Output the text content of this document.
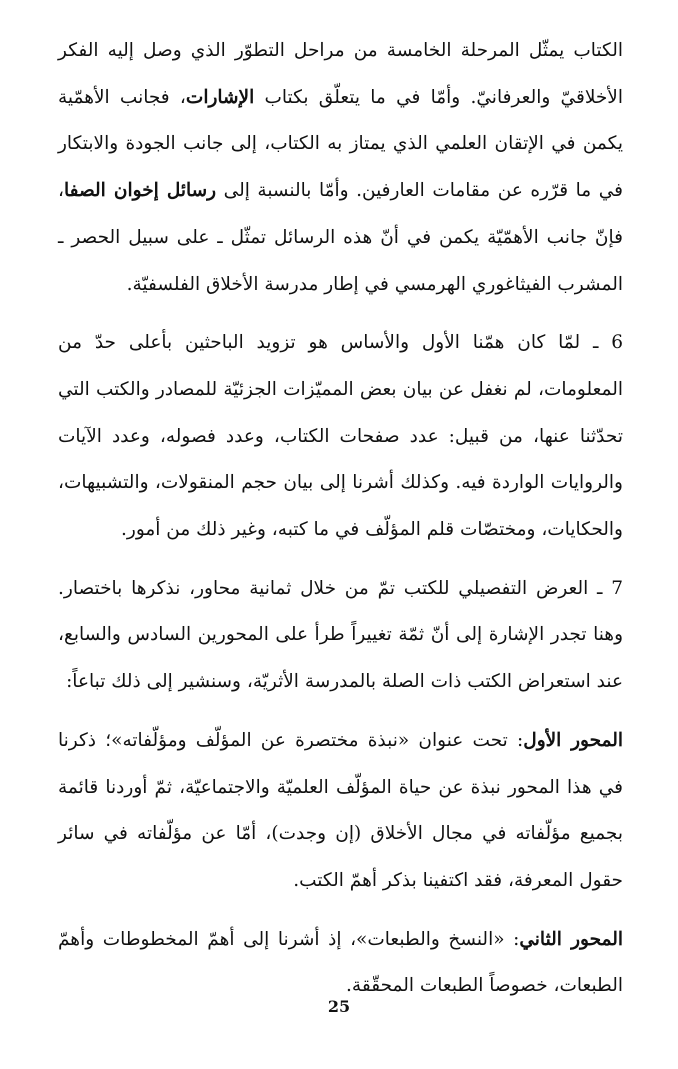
الكتاب يمثّل المرحلة الخامسة من مراحل التطوّر الذي وصل إليه الفكر الأخلاقيّ والعرفانيّ. وأمّا في ما يتعلّق بكتاب الإشارات، فجانب الأهمّية يكمن في الإتقان العلمي الذي يمتاز به الكتاب، إلى جانب الجودة والابتكار في ما قرّره عن مقامات العارفين. وأمّا بالنسبة إلى رسائل إخوان الصفا، فإنّ جانب الأهمّيّة يكمن في أنّ هذه الرسائل تمثّل ـ على سبيل الحصر ـ المشرب الفيثاغوري الهرمسي في إطار مدرسة الأخلاق الفلسفيّة.

6 ـ لمّا كان همّنا الأول والأساس هو تزويد الباحثين بأعلى حدّ من المعلومات، لم نغفل عن بيان بعض المميّزات الجزئيّة للمصادر والكتب التي تحدّثنا عنها، من قبيل: عدد صفحات الكتاب، وعدد فصوله، وعدد الآيات والروايات الواردة فيه. وكذلك أشرنا إلى بيان حجم المنقولات، والتشبيهات، والحكايات، ومختصّات قلم المؤلّف في ما كتبه، وغير ذلك من أمور.

7 ـ العرض التفصيلي للكتب تمّ من خلال ثمانية محاور، نذكرها باختصار. وهنا تجدر الإشارة إلى أنّ ثمّة تغييراً طرأ على المحورين السادس والسابع، عند استعراض الكتب ذات الصلة بالمدرسة الأثريّة، وسنشير إلى ذلك تباعاً:

المحور الأول: تحت عنوان «نبذة مختصرة عن المؤلّف ومؤلّفاته»؛ ذكرنا في هذا المحور نبذة عن حياة المؤلّف العلميّة والاجتماعيّة، ثمّ أوردنا قائمة بجميع مؤلّفاته في مجال الأخلاق (إن وجدت)، أمّا عن مؤلّفاته في سائر حقول المعرفة، فقد اكتفينا بذكر أهمّ الكتب.

المحور الثاني: «النسخ والطبعات»، إذ أشرنا إلى أهمّ المخطوطات وأهمّ الطبعات، خصوصاً الطبعات المحقّقة.

25
